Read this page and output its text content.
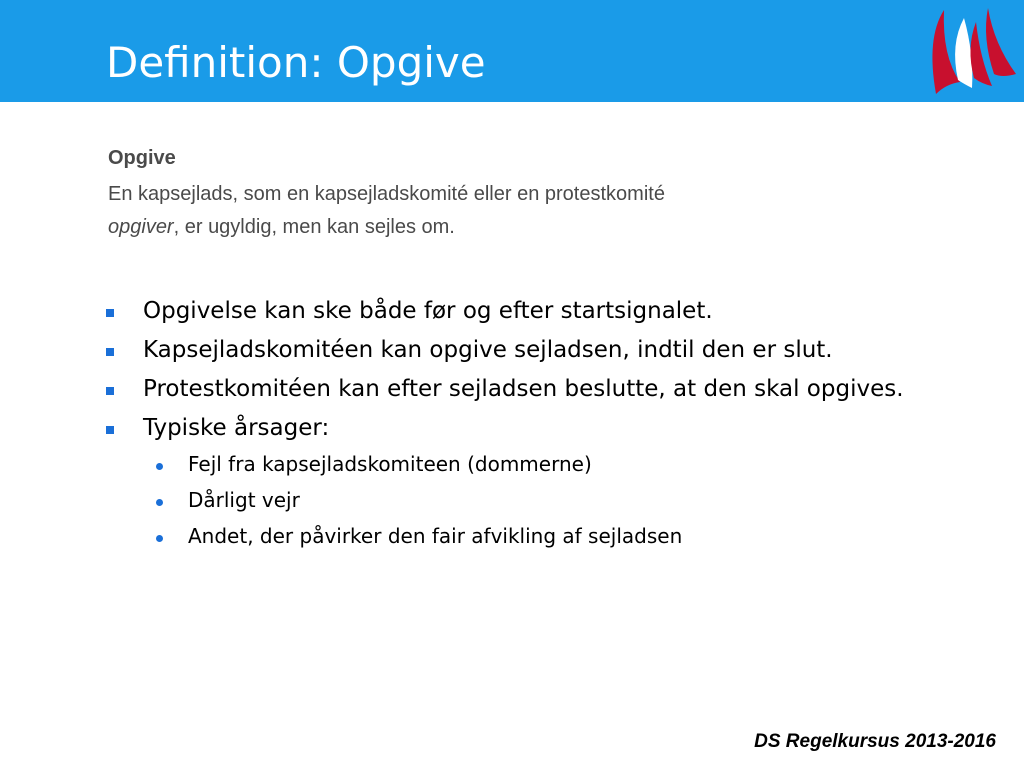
Definition: Opgive
Opgive
En kapsejlads, som en kapsejladskomité eller en protestkomité
opgiver, er ugyldig, men kan sejles om.
Opgivelse kan ske både før og efter startsignalet.
Kapsejladskomitéen kan opgive sejladsen, indtil den er slut.
Protestkomitéen kan efter sejladsen beslutte, at den skal opgives.
Typiske årsager:
Fejl fra kapsejladskomiteen (dommerne)
Dårligt vejr
Andet, der påvirker den fair afvikling af sejladsen
DS Regelkursus 2013-2016
